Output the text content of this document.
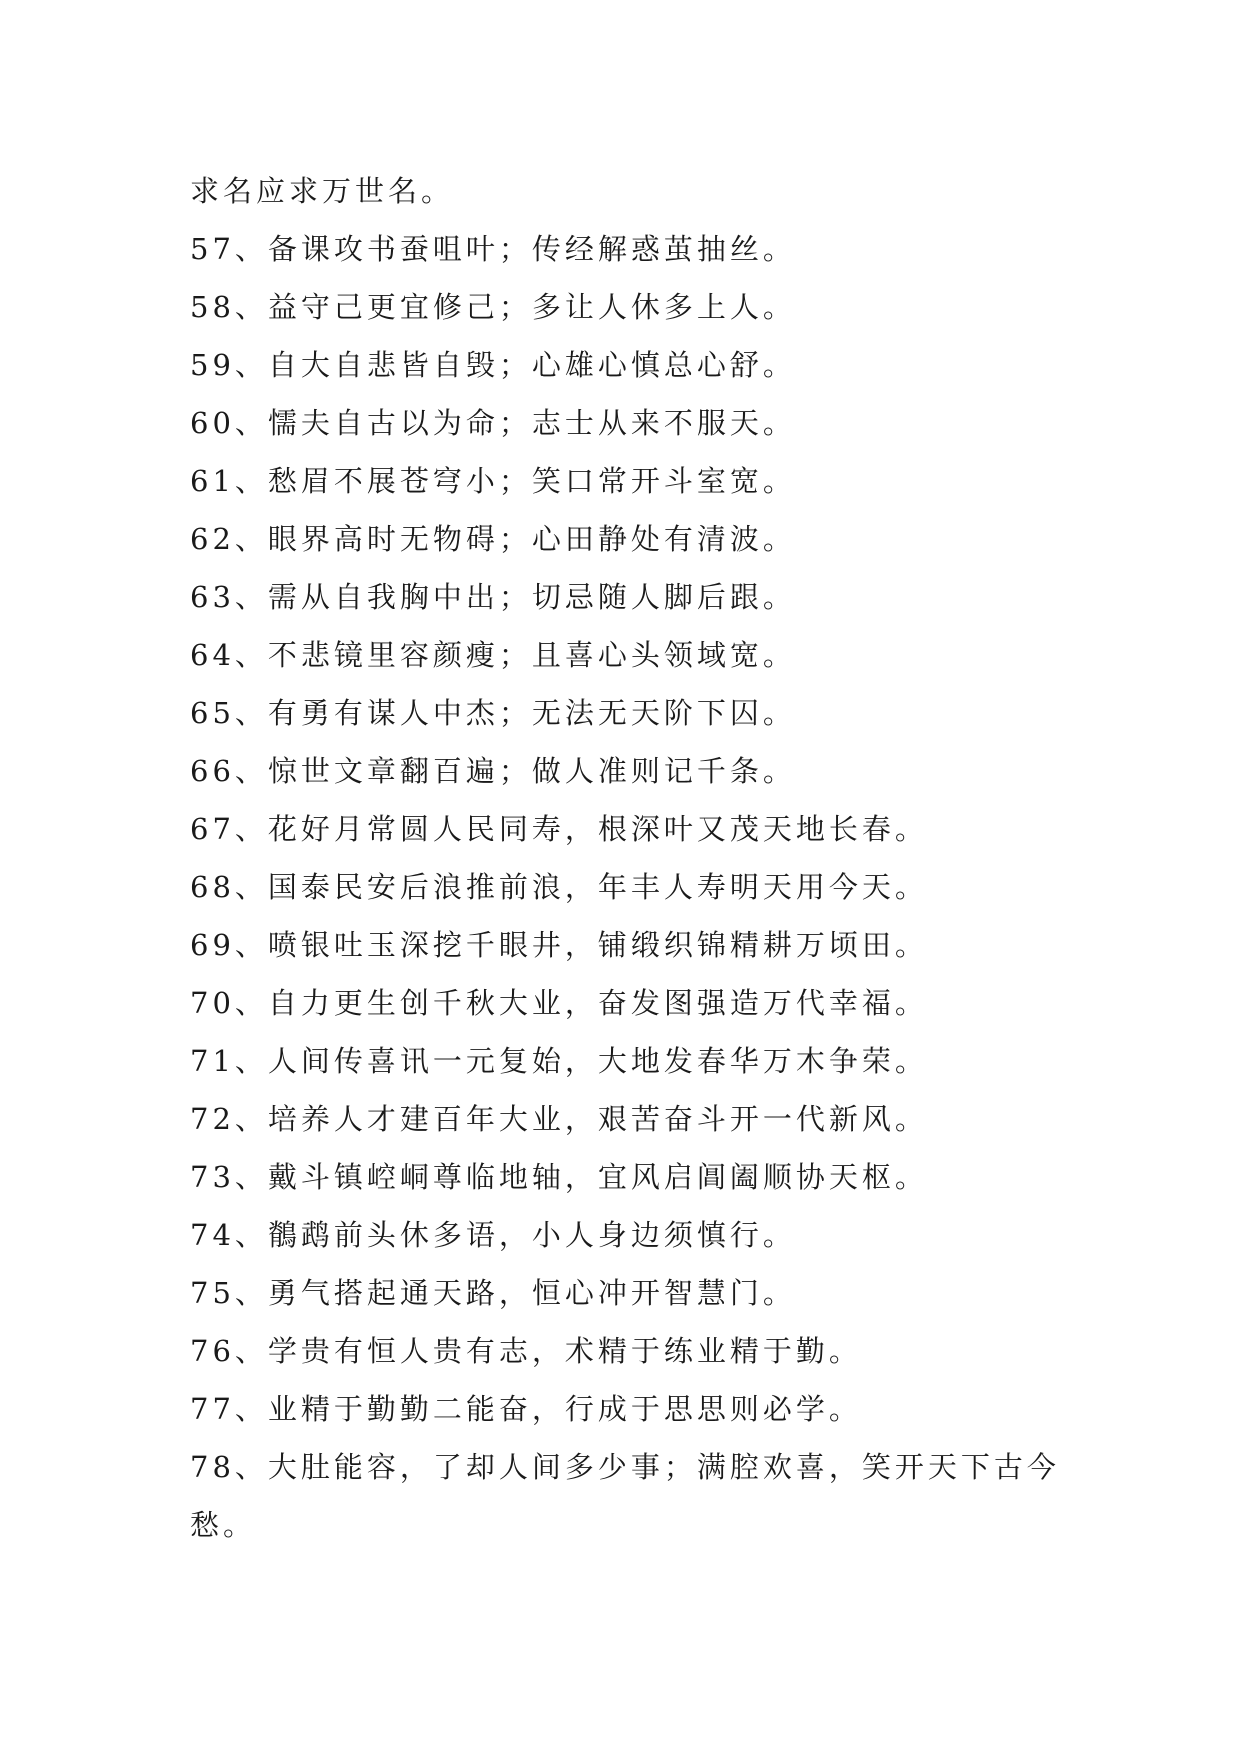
求名应求万世名。
57、备课攻书蚕咀叶；传经解惑茧抽丝。
58、益守己更宜修己；多让人休多上人。
59、自大自悲皆自毁；心雄心慎总心舒。
60、懦夫自古以为命；志士从来不服天。
61、愁眉不展苍穹小；笑口常开斗室宽。
62、眼界高时无物碍；心田静处有清波。
63、需从自我胸中出；切忌随人脚后跟。
64、不悲镜里容颜瘦；且喜心头领域宽。
65、有勇有谋人中杰；无法无天阶下囚。
66、惊世文章翻百遍；做人准则记千条。
67、花好月常圆人民同寿，根深叶又茂天地长春。
68、国泰民安后浪推前浪，年丰人寿明天用今天。
69、喷银吐玉深挖千眼井，铺缎织锦精耕万顷田。
70、自力更生创千秋大业，奋发图强造万代幸福。
71、人间传喜讯一元复始，大地发春华万木争荣。
72、培养人才建百年大业，艰苦奋斗开一代新风。
73、戴斗镇崆峒尊临地轴，宜风启阊阖顺协天枢。
74、鶺鹉前头休多语，小人身边须慎行。
75、勇气搭起通天路，恒心冲开智慧门。
76、学贵有恒人贵有志，术精于练业精于勤。
77、业精于勤勤二能奋，行成于思思则必学。
78、大肚能容，了却人间多少事；满腔欢喜，笑开天下古今
愁。
